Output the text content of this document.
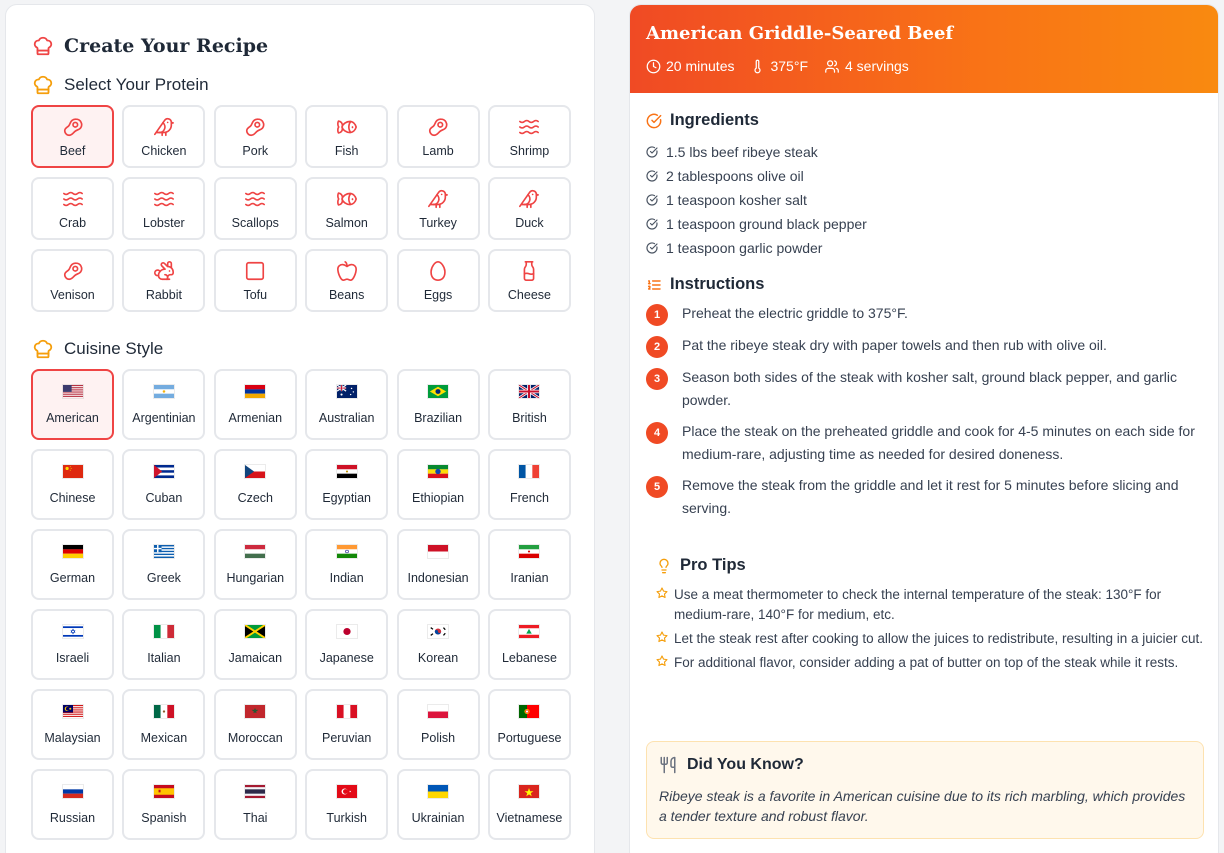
Create Your Recipe
Select Your Protein
Beef	Chicken	Pork	Fish	Lamb	Shrimp
Crab	Lobster	Scallops	Salmon	Turkey	Duck
Venison	Rabbit	Tofu	Beans	Eggs	Cheese
Cuisine Style
American	Argentinian	Armenian	Australian	Brazilian	British
Chinese	Cuban	Czech	Egyptian	Ethiopian	French
German	Greek	Hungarian	Indian	Indonesian	Iranian
Israeli	Italian	Jamaican	Japanese	Korean	Lebanese
Malaysian	Mexican	Moroccan	Peruvian	Polish	Portuguese
Russian	Spanish	Thai	Turkish	Ukrainian	Vietnamese
American Griddle-Seared Beef
20 minutes	375°F	4 servings
Ingredients
1.5 lbs beef ribeye steak
2 tablespoons olive oil
1 teaspoon kosher salt
1 teaspoon ground black pepper
1 teaspoon garlic powder
Instructions
1	Preheat the electric griddle to 375°F.
2	Pat the ribeye steak dry with paper towels and then rub with olive oil.
3	Season both sides of the steak with kosher salt, ground black pepper, and garlic powder.
4	Place the steak on the preheated griddle and cook for 4-5 minutes on each side for medium-rare, adjusting time as needed for desired doneness.
5	Remove the steak from the griddle and let it rest for 5 minutes before slicing and serving.
Pro Tips
Use a meat thermometer to check the internal temperature of the steak: 130°F for medium-rare, 140°F for medium, etc.
Let the steak rest after cooking to allow the juices to redistribute, resulting in a juicier cut.
For additional flavor, consider adding a pat of butter on top of the steak while it rests.
Did You Know?

Ribeye steak is a favorite in American cuisine due to its rich marbling, which provides a tender texture and robust flavor.
